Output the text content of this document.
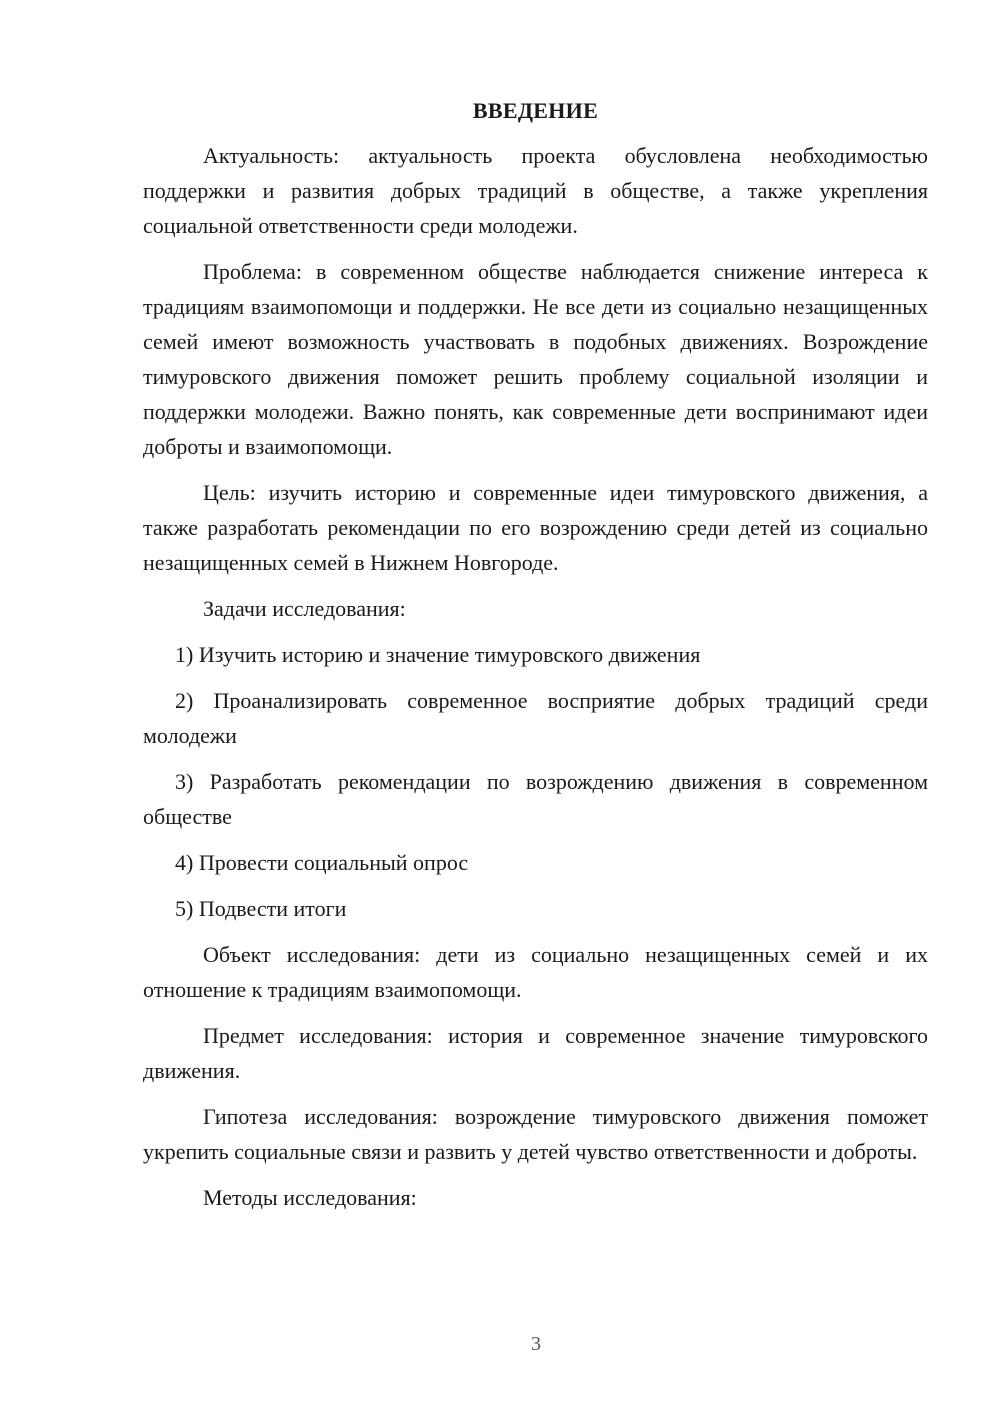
ВВЕДЕНИЕ

Актуальность: актуальность проекта обусловлена необходимостью поддержки и развития добрых традиций в обществе, а также укрепления социальной ответственности среди молодежи.

Проблема: в современном обществе наблюдается снижение интереса к традициям взаимопомощи и поддержки. Не все дети из социально незащищенных семей имеют возможность участвовать в подобных движениях. Возрождение тимуровского движения поможет решить проблему социальной изоляции и поддержки молодежи. Важно понять, как современные дети воспринимают идеи доброты и взаимопомощи.

Цель: изучить историю и современные идеи тимуровского движения, а также разработать рекомендации по его возрождению среди детей из социально незащищенных семей в Нижнем Новгороде.

Задачи исследования:

1) Изучить историю и значение тимуровского движения

2) Проанализировать современное восприятие добрых традиций среди молодежи

3) Разработать рекомендации по возрождению движения в современном обществе

4) Провести социальный опрос

5) Подвести итоги

Объект исследования: дети из социально незащищенных семей и их отношение к традициям взаимопомощи.

Предмет исследования: история и современное значение тимуровского движения.

Гипотеза исследования: возрождение тимуровского движения поможет укрепить социальные связи и развить у детей чувство ответственности и доброты.

Методы исследования:

3
